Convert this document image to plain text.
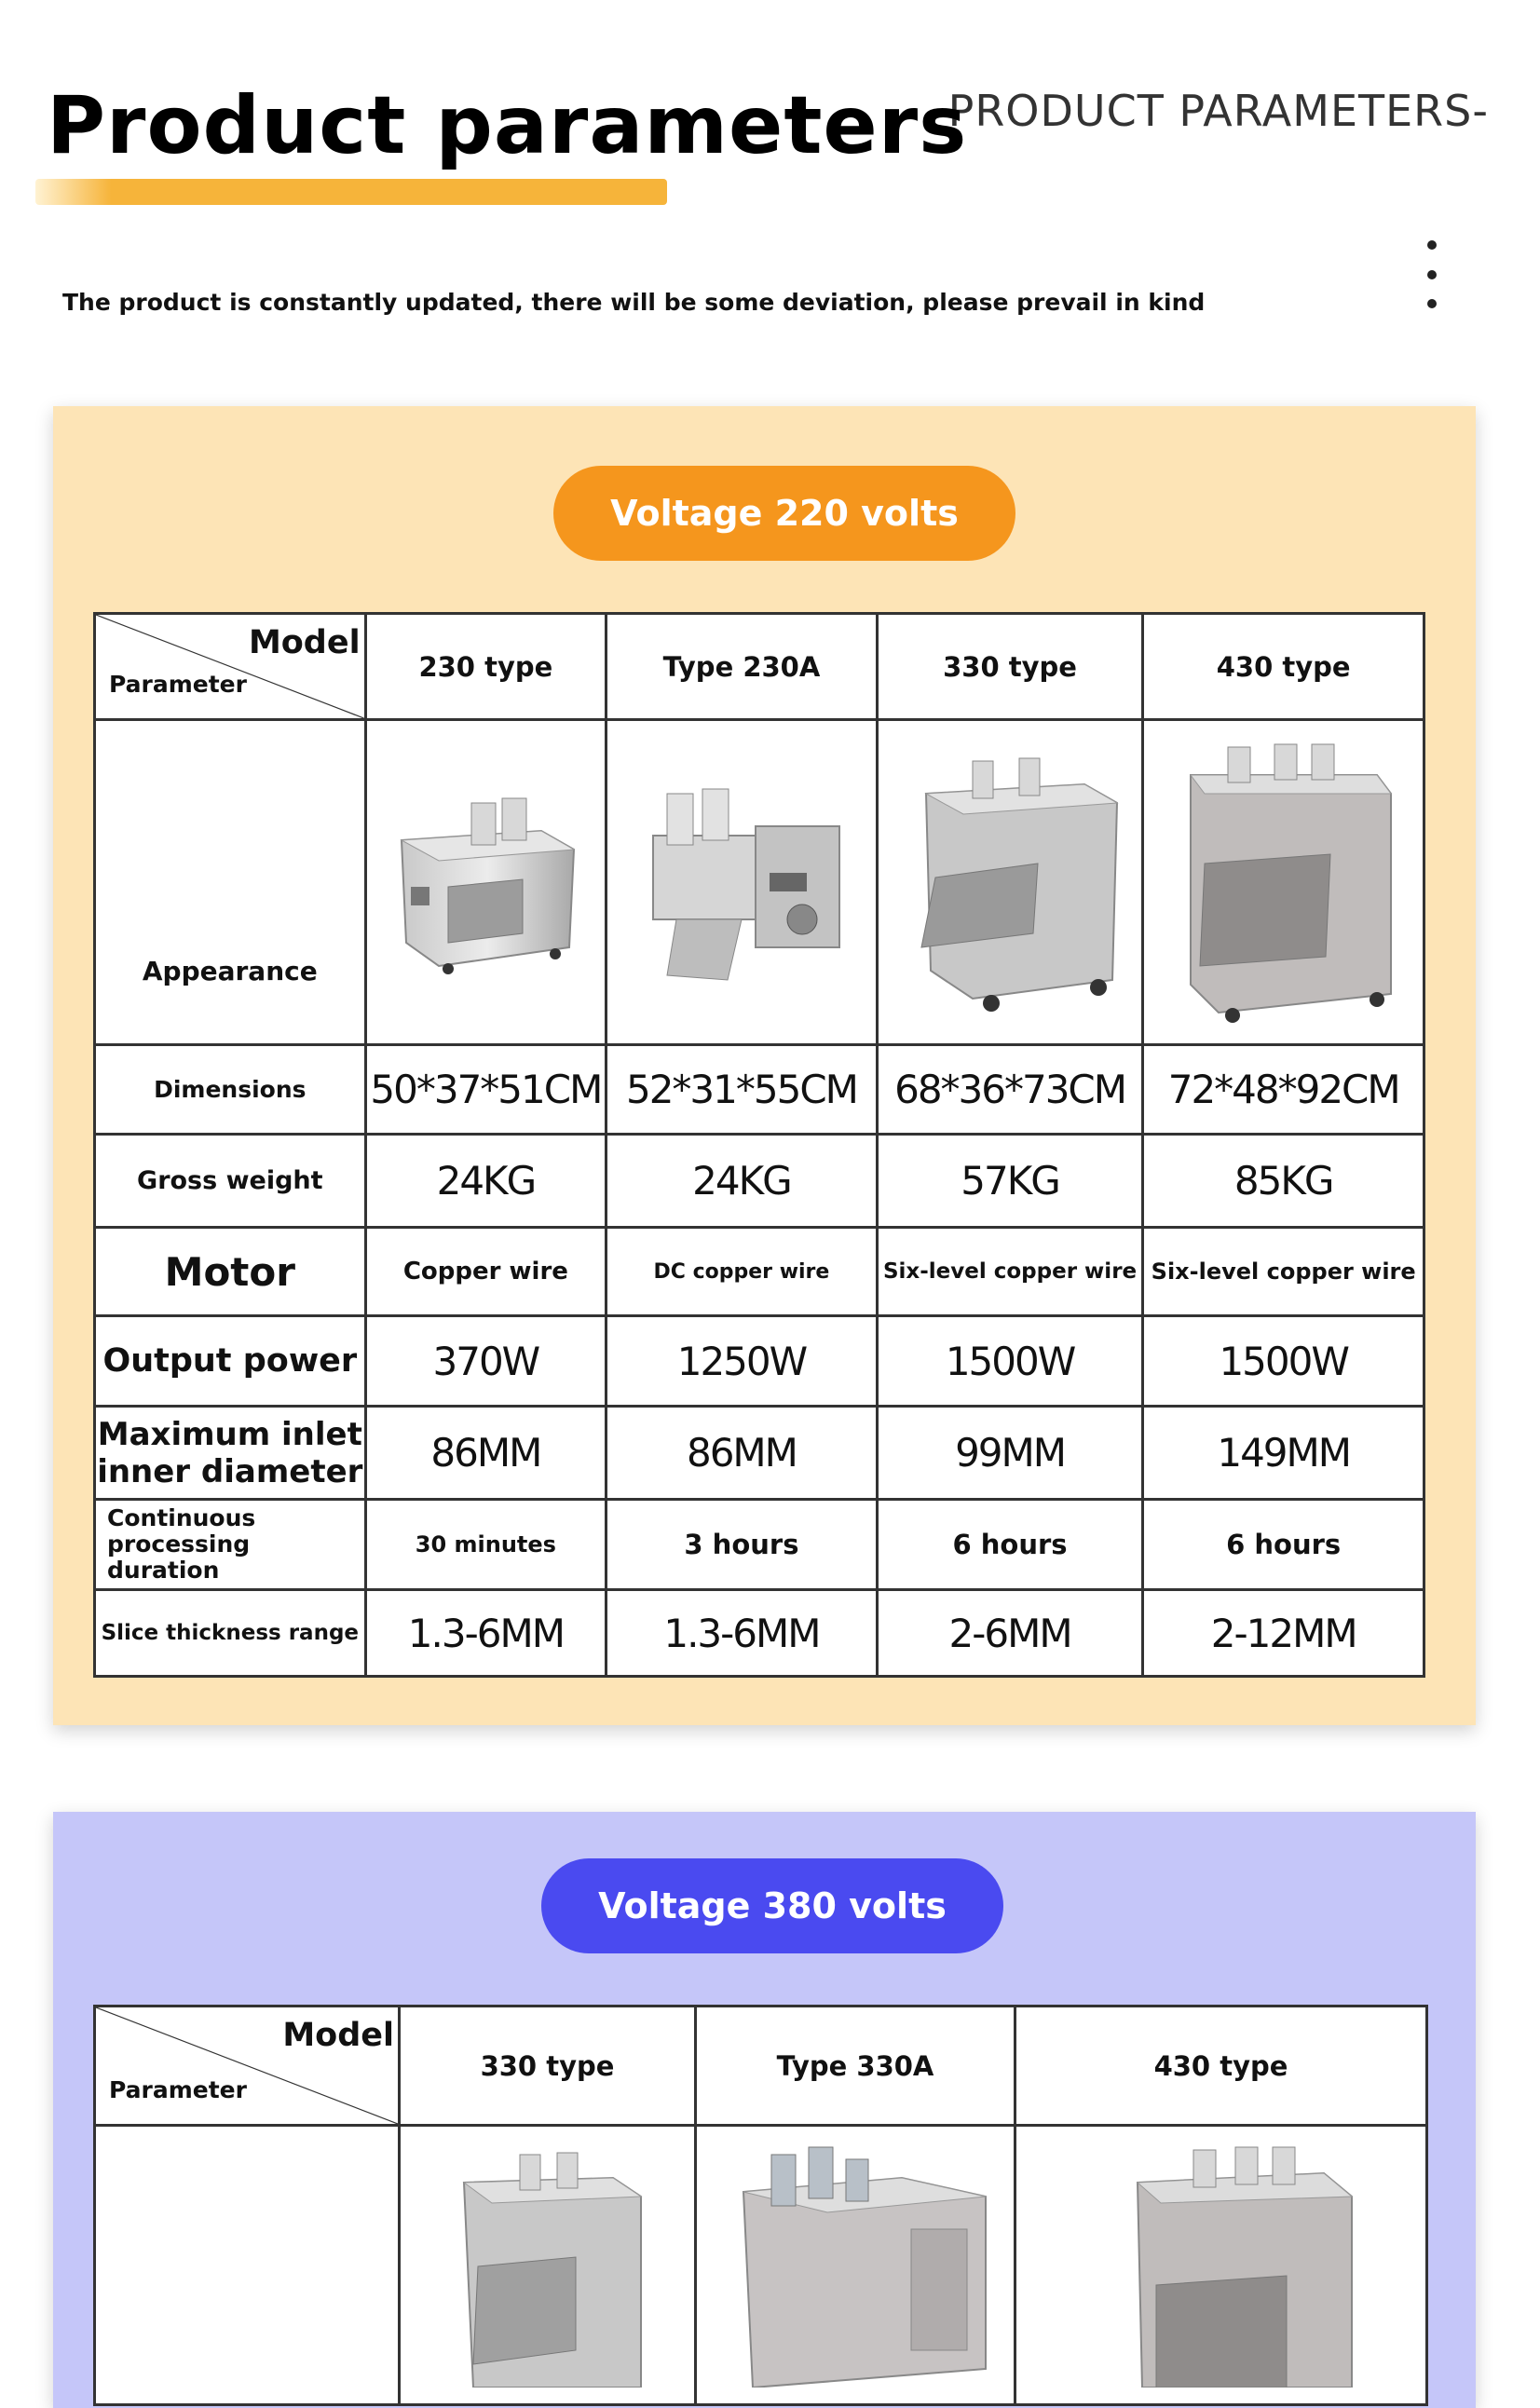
Product parameters
-PRODUCT PARAMETERS-
The product is constantly updated, there will be some deviation, please prevail in kind
Voltage 220 volts
Model
Parameter	230 type	Type 230A	330 type	430 type
Appearance	

Dimensions	50*37*51CM	52*31*55CM	68*36*73CM	72*48*92CM
Gross weight	24KG	24KG	57KG	85KG
Motor	Copper wire	DC copper wire	Six-level copper wire	Six-level copper wire
Output power	370W	1250W	1500W	1500W

Maximum inlet
inner diameter	86MM	86MM	99MM	149MM

Continuous
processing duration	30 minutes	3 hours	6 hours	6 hours
Slice thickness range	1.3-6MM	1.3-6MM	2-6MM	2-12MM
Voltage 380 volts
Model
Parameter	330 type	Type 330A	430 type
